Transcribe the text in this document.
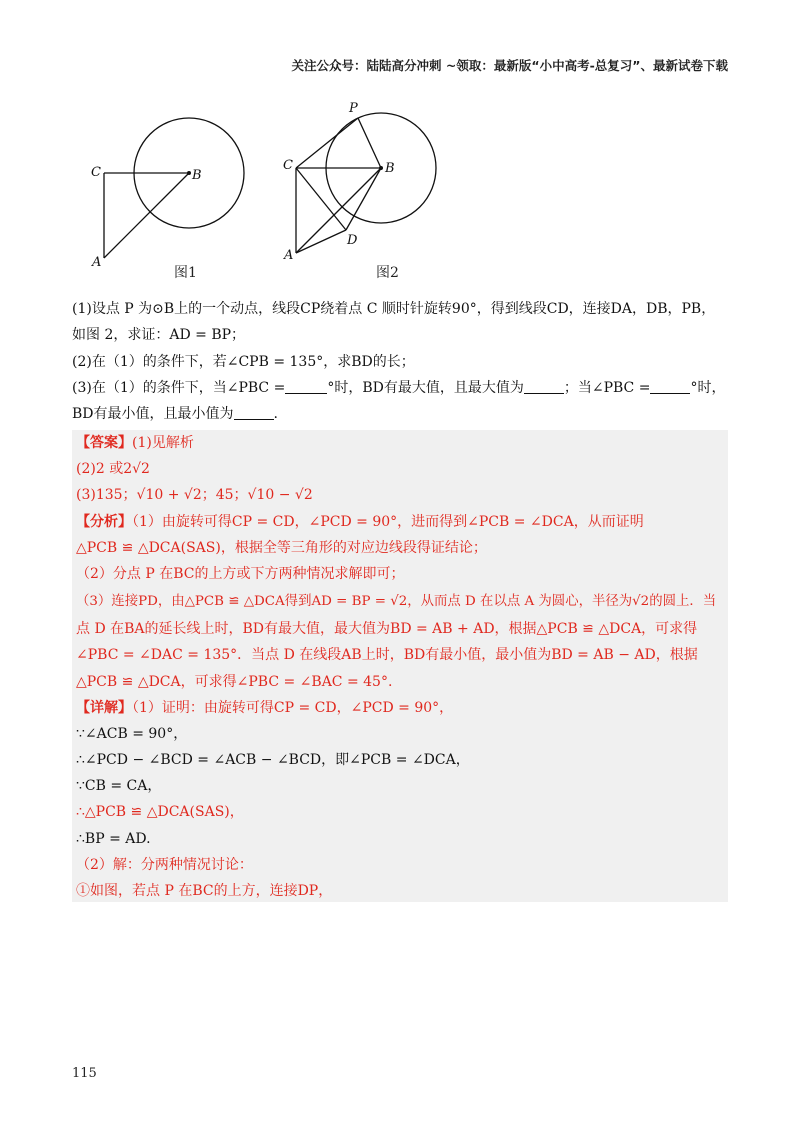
关注公众号：陆陆高分冲刺 ~领取：最新版“小中高考-总复习”、最新试卷下载
C	B
A
P
C	B
D
A
图1	图2
(1)设点 P 为⊙B上的一个动点，线段CP绕着点 C 顺时针旋转90°，得到线段CD，连接DA，DB，PB，
如图 2，求证：AD = BP；
(2)在（1）的条件下，若∠CPB = 135°，求BD的长；
(3)在（1）的条件下，当∠PBC =	°时，BD有最大值，且最大值为	；当∠PBC =	°时，
BD有最小值，且最小值为	.
【答案】(1)见解析
(2)2 或2√2
(3)135；√10 + √2；45；√10 − √2
【分析】（1）由旋转可得CP = CD，∠PCD = 90°，进而得到∠PCB = ∠DCA，从而证明
△PCB ≌ △DCA(SAS)，根据全等三角形的对应边线段得证结论；
（2）分点 P 在BC的上方或下方两种情况求解即可；
（3）连接PD，由△PCB ≌ △DCA得到AD = BP = √2，从而点 D 在以点 A 为圆心，半径为√2的圆上．当
点 D 在BA的延长线上时，BD有最大值，最大值为BD = AB + AD，根据△PCB ≌ △DCA，可求得
∠PBC = ∠DAC = 135°．当点 D 在线段AB上时，BD有最小值，最小值为BD = AB − AD，根据
△PCB ≌ △DCA，可求得∠PBC = ∠BAC = 45°.
【详解】（1）证明：由旋转可得CP = CD，∠PCD = 90°，
∵∠ACB = 90°，
∴∠PCD − ∠BCD = ∠ACB − ∠BCD，即∠PCB = ∠DCA，
∵CB = CA，
∴△PCB ≌ △DCA(SAS)，
∴BP = AD.
（2）解：分两种情况讨论：
①如图，若点 P 在BC的上方，连接DP，
115
